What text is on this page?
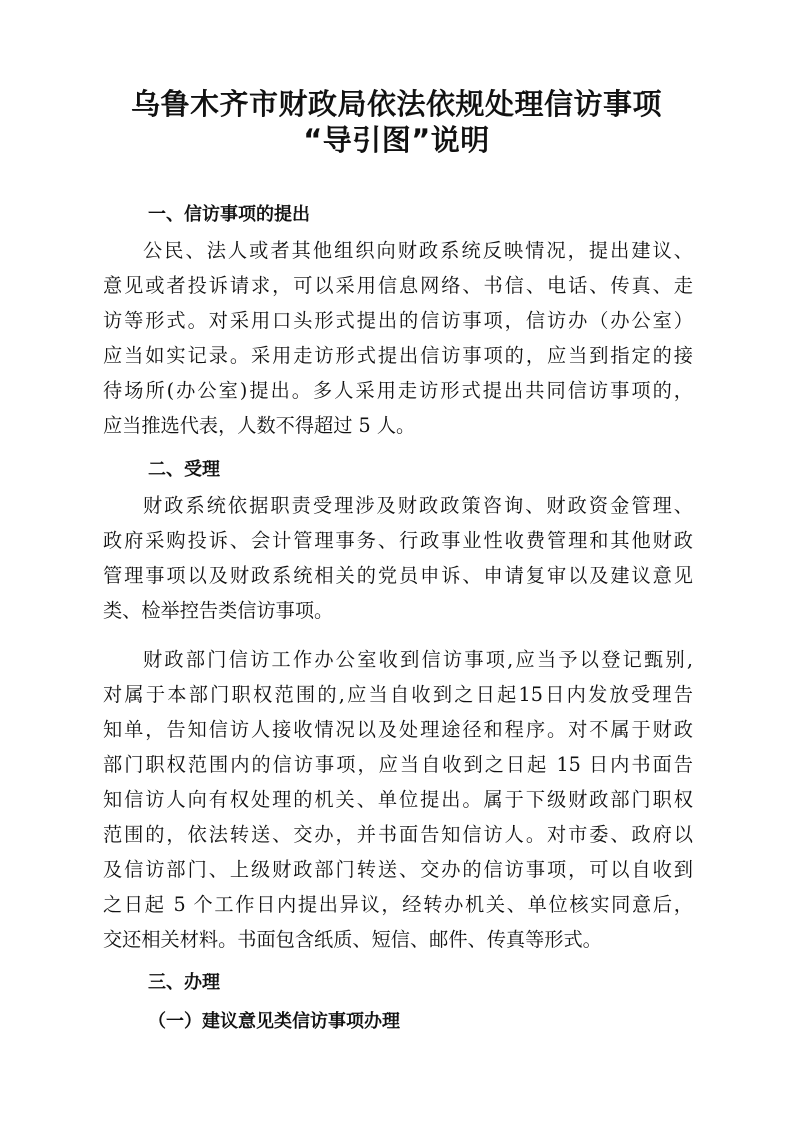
乌鲁木齐市财政局依法依规处理信访事项
“导引图”说明
一、信访事项的提出
公民、法人或者其他组织向财政系统反映情况，提出建议、
意见或者投诉请求，可以采用信息网络、书信、电话、传真、走
访等形式。对采用口头形式提出的信访事项，信访办（办公室）
应当如实记录。采用走访形式提出信访事项的，应当到指定的接
待场所(办公室)提出。多人采用走访形式提出共同信访事项的，
应当推选代表，人数不得超过 5 人。
二、受理
财政系统依据职责受理涉及财政政策咨询、财政资金管理、
政府采购投诉、会计管理事务、行政事业性收费管理和其他财政
管理事项以及财政系统相关的党员申诉、申请复审以及建议意见
类、检举控告类信访事项。
财政部门信访工作办公室收到信访事项,应当予以登记甄别,
对属于本部门职权范围的,应当自收到之日起15日内发放受理告
知单，告知信访人接收情况以及处理途径和程序。对不属于财政
部门职权范围内的信访事项，应当自收到之日起 15 日内书面告
知信访人向有权处理的机关、单位提出。属于下级财政部门职权
范围的，依法转送、交办，并书面告知信访人。对市委、政府以
及信访部门、上级财政部门转送、交办的信访事项，可以自收到
之日起 5 个工作日内提出异议，经转办机关、单位核实同意后，
交还相关材料。书面包含纸质、短信、邮件、传真等形式。
三、办理
（一）建议意见类信访事项办理
